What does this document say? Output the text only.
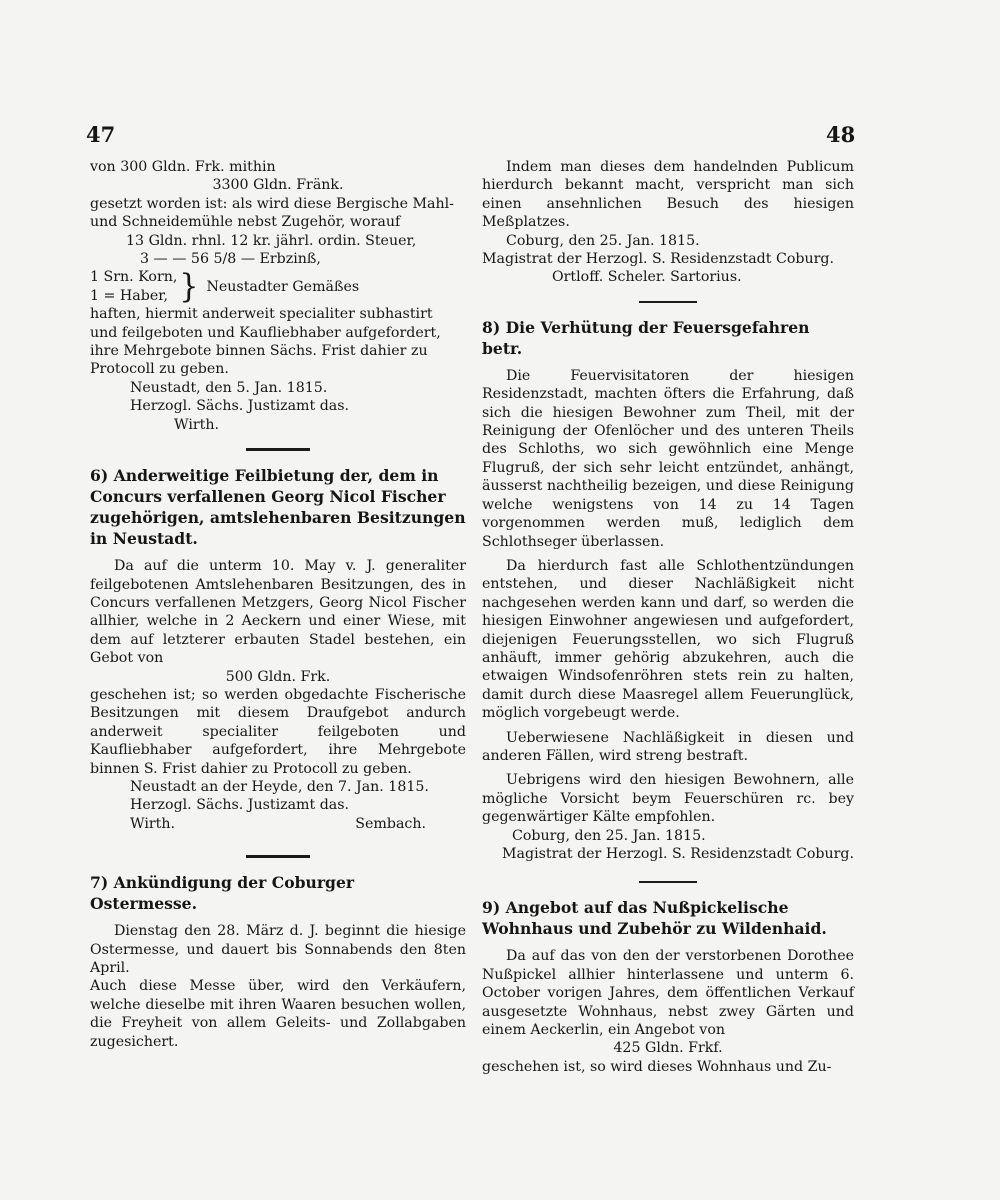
47	48

von 300 Gldn. Frk. mithin

3300 Gldn. Fränk.

gesetzt worden ist: als wird diese Bergische Mahl-

und Schneidemühle nebst Zugehör, worauf

13 Gldn. rhnl. 12 kr. jährl. ordin. Steuer,

3 — — 56 5/8 — Erbzinß,

1 Srn. Korn,
1 = Haber, } Neustadter Gemäßes

haften, hiermit anderweit specialiter subhastirt

und feilgeboten und Kaufliebhaber aufgefordert,

ihre Mehrgebote binnen Sächs. Frist dahier zu

Protocoll zu geben.

Neustadt, den 5. Jan. 1815.

Herzogl. Sächs. Justizamt das.

Wirth.

6) Anderweitige Feilbietung der, dem in Concurs verfallenen Georg Nicol Fischer zugehörigen, amtslehenbaren Besitzungen in Neustadt.

Da auf die unterm 10. May v. J. generaliter feilgebotenen Amtslehenbaren Besitzungen, des in Concurs verfallenen Metzgers, Georg Nicol Fischer allhier, welche in 2 Aeckern und einer Wiese, mit dem auf letzterer erbauten Stadel bestehen, ein Gebot von

500 Gldn. Frk.

geschehen ist; so werden obgedachte Fischerische Besitzungen mit diesem Draufgebot andurch anderweit specialiter feilgeboten und Kaufliebhaber aufgefordert, ihre Mehrgebote binnen S. Frist dahier zu Protocoll zu geben.

Neustadt an der Heyde, den 7. Jan. 1815.

Herzogl. Sächs. Justizamt das.

Wirth.	Sembach.

7) Ankündigung der Coburger Ostermesse.

Dienstag den 28. März d. J. beginnt die hiesige Ostermesse, und dauert bis Sonnabends den 8ten April.

Auch diese Messe über, wird den Verkäufern, welche dieselbe mit ihren Waaren besuchen wollen, die Freyheit von allem Geleits- und Zollabgaben zugesichert.

Indem man dieses dem handelnden Publicum hierdurch bekannt macht, verspricht man sich einen ansehnlichen Besuch des hiesigen Meßplatzes.

Coburg, den 25. Jan. 1815.

Magistrat der Herzogl. S. Residenzstadt Coburg.

Ortloff. Scheler. Sartorius.

8) Die Verhütung der Feuersgefahren betr.

Die Feuervisitatoren der hiesigen Residenzstadt, machten öfters die Erfahrung, daß sich die hiesigen Bewohner zum Theil, mit der Reinigung der Ofenlöcher und des unteren Theils des Schloths, wo sich gewöhnlich eine Menge Flugruß, der sich sehr leicht entzündet, anhängt, äusserst nachtheilig bezeigen, und diese Reinigung welche wenigstens von 14 zu 14 Tagen vorgenommen werden muß, lediglich dem Schlothseger überlassen.

Da hierdurch fast alle Schlothentzündungen entstehen, und dieser Nachläßigkeit nicht nachgesehen werden kann und darf, so werden die hiesigen Einwohner angewiesen und aufgefordert, diejenigen Feuerungsstellen, wo sich Flugruß anhäuft, immer gehörig abzukehren, auch die etwaigen Windsofenröhren stets rein zu halten, damit durch diese Maasregel allem Feuerunglück, möglich vorgebeugt werde.

Ueberwiesene Nachläßigkeit in diesen und anderen Fällen, wird streng bestraft.

Uebrigens wird den hiesigen Bewohnern, alle mögliche Vorsicht beym Feuerschüren rc. bey gegenwärtiger Kälte empfohlen.

Coburg, den 25. Jan. 1815.

Magistrat der Herzogl. S. Residenzstadt Coburg.

9) Angebot auf das Nußpickelische Wohnhaus und Zubehör zu Wildenhaid.

Da auf das von den der verstorbenen Dorothee Nußpickel allhier hinterlassene und unterm 6. October vorigen Jahres, dem öffentlichen Verkauf ausgesetzte Wohnhaus, nebst zwey Gärten und einem Aeckerlin, ein Angebot von

425 Gldn. Frkf.

geschehen ist, so wird dieses Wohnhaus und Zu-
